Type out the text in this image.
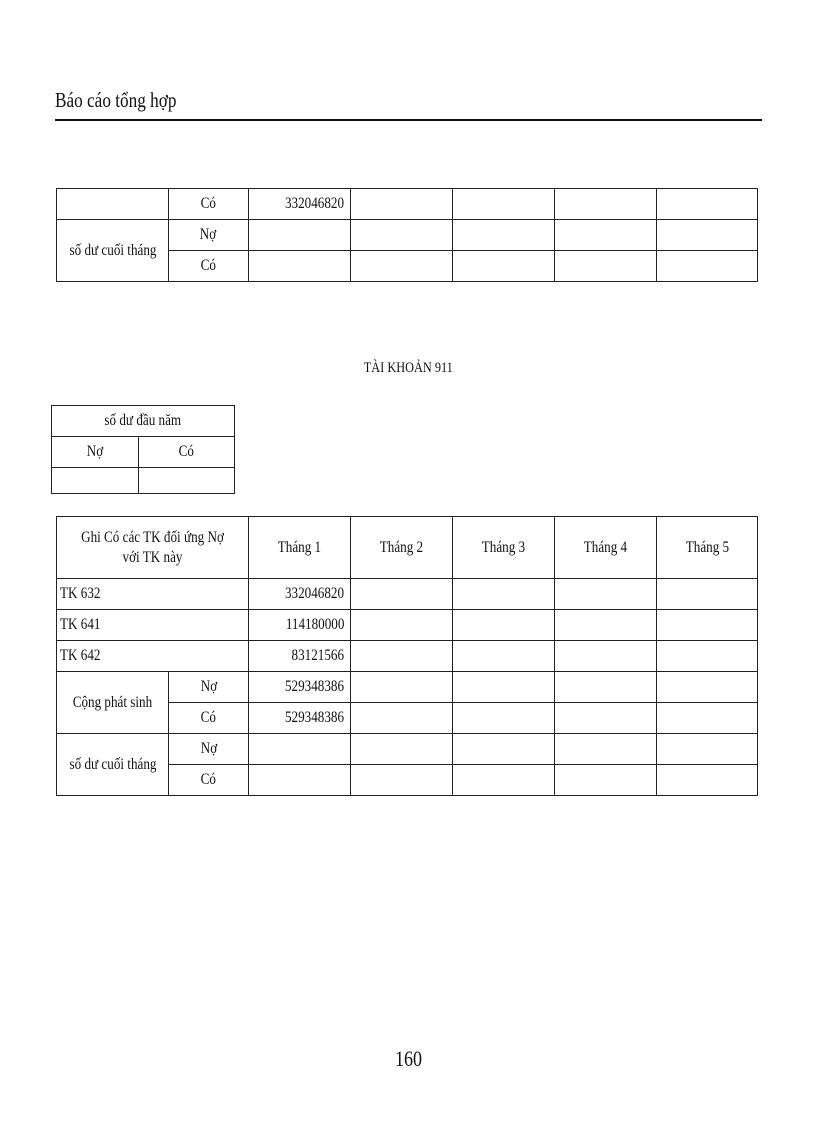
Báo cáo tổng hợp
	Có	332046820				
số dư cuối tháng	Nợ					
	Có					
TÀI KHOẢN 911
số dư đầu năm	
Nợ	Có

Ghi Có các TK đối ứng Nợ với TK này		Tháng 1	Tháng 2	Tháng 3	Tháng 4	Tháng 5
TK 632		332046820				
TK 641		114180000				
TK 642		83121566				
Cộng phát sinh	Nợ	529348386				
	Có	529348386				
số dư cuối tháng	Nợ					
	Có					
160
